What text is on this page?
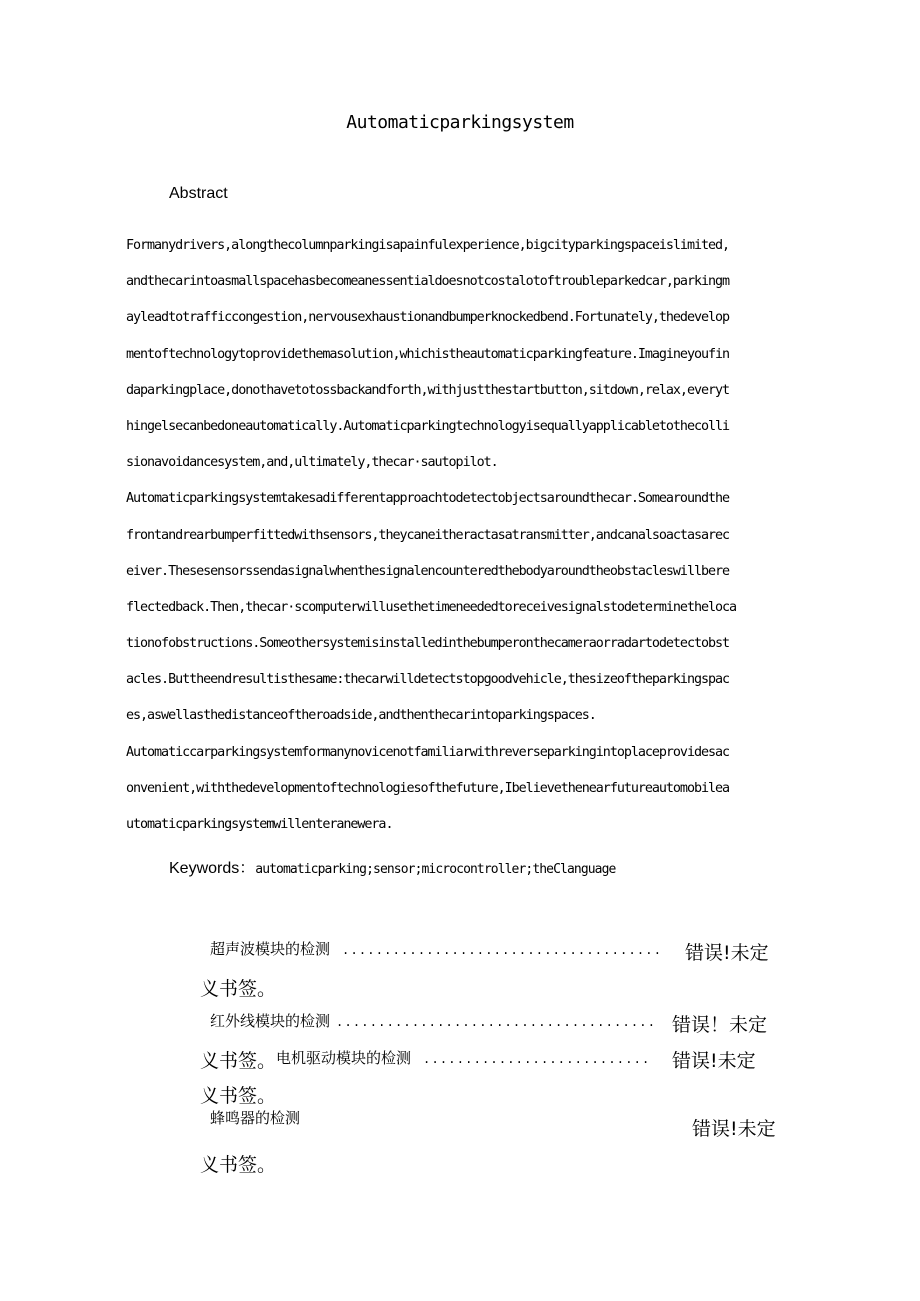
Automaticparkingsystem
Abstract
Formanydrivers,alongthecolumnparkingisapainfulexperience,bigcityparkingspaceislimited,
andthecarintoasmallspacehasbecomeanessentialdoesnotcostalotoftroubleparkedcar,parkingm
ayleadtotrafficcongestion,nervousexhaustionandbumperknockedbend.Fortunately,thedevelop
mentoftechnologytoprovidethemasolution,whichistheautomaticparkingfeature.Imagineyoufin
daparkingplace,donothavetotossbackandforth,withjustthestartbutton,sitdown,relax,everyt
hingelsecanbedoneautomatically.Automaticparkingtechnologyisequallyapplicabletothecolli
sionavoidancesystem,and,ultimately,thecar·sautopilot.
Automaticparkingsystemtakesadifferentapproachtodetectobjectsaroundthecar.Somearoundthe
frontandrearbumperfittedwithsensors,theycaneitheractasatransmitter,andcanalsoactasarec
eiver.Thesesensorssendasignalwhenthesignalencounteredthebodyaroundtheobstacleswillbere
flectedback.Then,thecar·scomputerwillusethetimeneededtoreceivesignalstodeterminetheloca
tionofobstructions.Someothersystemisinstalledinthebumperonthecameraorradartodetectobst
acles.Buttheendresultisthesame:thecarwilldetectstopgoodvehicle,thesizeoftheparkingspac
es,aswellasthedistanceoftheroadside,andthenthecarintoparkingspaces.
Automaticcarparkingsystemformanynovicenotfamiliarwithreverseparkingintoplaceprovidesac
onvenient,withthedevelopmentoftechnologiesofthefuture,Ibelievethenearfutureautomobilea
utomaticparkingsystemwillenteranewera.
Keywords：automaticparking;sensor;microcontroller;theClanguage
超声波模块的检测 ...................................... 错误!未定
义书签。
红外线模块的检测 ...................................... 错误！未定
义书签。 电机驱动模块的检测 ........................... 错误!未定
义书签。
蜂鸣器的检测	错误!未定
义书签。
